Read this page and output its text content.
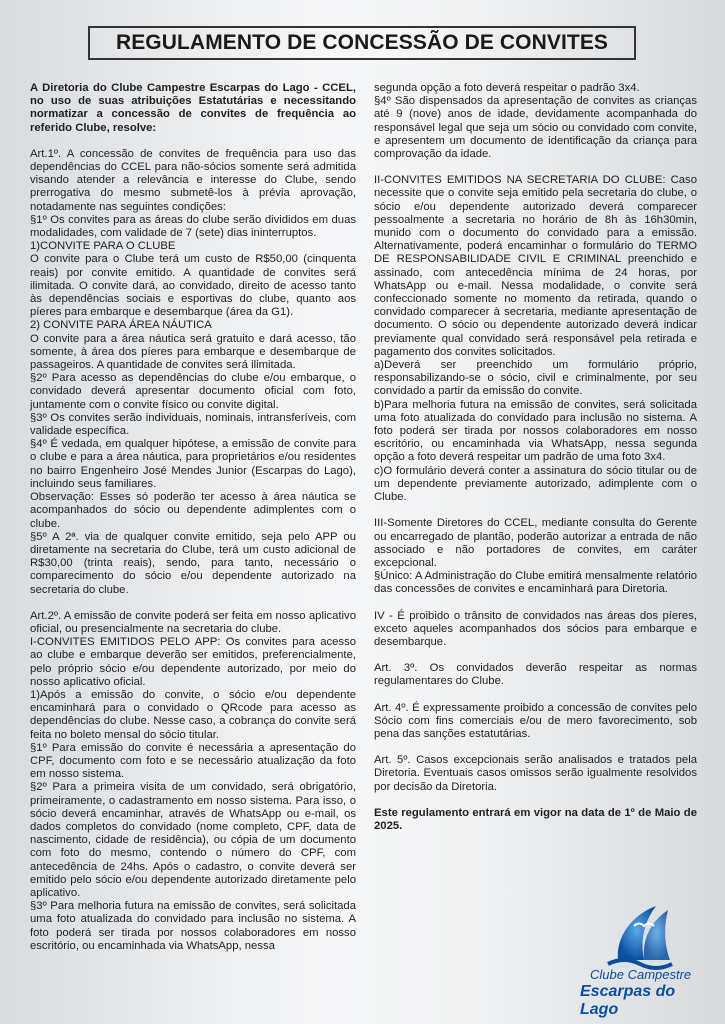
REGULAMENTO DE CONCESSÃO DE CONVITES

A Diretoria do Clube Campestre Escarpas do Lago - CCEL, no uso de suas atribuições Estatutárias e necessitando normatizar a concessão de convites de frequência ao referido Clube, resolve:

Art.1º. A concessão de convites de frequência para uso das dependências do CCEL para não-sócios somente será admitida visando atender a relevância e interesse do Clube, sendo prerrogativa do mesmo submetê-los à prévia aprovação, notadamente nas seguintes condições:

§1º Os convites para as áreas do clube serão divididos em duas modalidades, com validade de 7 (sete) dias ininterruptos.

1)CONVITE PARA O CLUBE

O convite para o Clube terá um custo de R$50,00 (cinquenta reais) por convite emitido. A quantidade de convites será ilimitada. O convite dará, ao convidado, direito de acesso tanto às dependências sociais e esportivas do clube, quanto aos píeres para embarque e desembarque (área da G1).

2) CONVITE PARA ÁREA NÁUTICA

O convite para a área náutica será gratuito e dará acesso, tão somente, à área dos píeres para embarque e desembarque de passageiros. A quantidade de convites será ilimitada.

§2º Para acesso as dependências do clube e/ou embarque, o convidado deverá apresentar documento oficial com foto, juntamente com o convite físico ou convite digital.

§3º Os convites serão individuais, nominais, intransferíveis, com validade específica.

§4º É vedada, em qualquer hipótese, a emissão de convite para o clube e para a área náutica, para proprietários e/ou residentes no bairro Engenheiro José Mendes Junior (Escarpas do Lago), incluindo seus familiares.

Observação: Esses só poderão ter acesso à área náutica se acompanhados do sócio ou dependente adimplentes com o clube.

§5º A 2ª. via de qualquer convite emitido, seja pelo APP ou diretamente na secretaria do Clube, terá um custo adicional de R$30,00 (trinta reais), sendo, para tanto, necessário o comparecimento do sócio e/ou dependente autorizado na secretaria do clube.

Art.2º. A emissão de convite poderá ser feita em nosso aplicativo oficial, ou presencialmente na secretaria do clube.

I-CONVITES EMITIDOS PELO APP: Os convites para acesso ao clube e embarque deverão ser emitidos, preferencialmente, pelo próprio sócio e/ou dependente autorizado, por meio do nosso aplicativo oficial.

1)Após a emissão do convite, o sócio e/ou dependente encaminhará para o convidado o QRcode para acesso as dependências do clube. Nesse caso, a cobrança do convite será feita no boleto mensal do sócio titular.

§1º Para emissão do convite é necessária a apresentação do CPF, documento com foto e se necessário atualização da foto em nosso sistema.

§2º Para a primeira visita de um convidado, será obrigatório, primeiramente, o cadastramento em nosso sistema. Para isso, o sócio deverá encaminhar, através de WhatsApp ou e-mail, os dados completos do convidado (nome completo, CPF, data de nascimento, cidade de residência), ou cópia de um documento com foto do mesmo, contendo o número do CPF, com antecedência de 24hs. Após o cadastro, o convite deverá ser emitido pelo sócio e/ou dependente autorizado diretamente pelo aplicativo.

§3º Para melhoria futura na emissão de convites, será solicitada uma foto atualizada do convidado para inclusão no sistema. A foto poderá ser tirada por nossos colaboradores em nosso escritório, ou encaminhada via WhatsApp, nessa

segunda opção a foto deverá respeitar o padrão 3x4.

§4º São dispensados da apresentação de convites as crianças até 9 (nove) anos de idade, devidamente acompanhada do responsável legal que seja um sócio ou convidado com convite, e apresentem um documento de identificação da criança para comprovação da idade.

II-CONVITES EMITIDOS NA SECRETARIA DO CLUBE: Caso necessite que o convite seja emitido pela secretaria do clube, o sócio e/ou dependente autorizado deverá comparecer pessoalmente a secretaria no horário de 8h às 16h30min, munido com o documento do convidado para a emissão. Alternativamente, poderá encaminhar o formulário do TERMO DE RESPONSABILIDADE CIVIL E CRIMINAL preenchido e assinado, com antecedência mínima de 24 horas, por WhatsApp ou e-mail. Nessa modalidade, o convite será confeccionado somente no momento da retirada, quando o convidado comparecer à secretaria, mediante apresentação de documento. O sócio ou dependente autorizado deverá indicar previamente qual convidado será responsável pela retirada e pagamento dos convites solicitados.

a)Deverá ser preenchido um formulário próprio, responsabilizando-se o sócio, civil e criminalmente, por seu convidado a partir da emissão do convite.

b)Para melhoria futura na emissão de convites, será solicitada uma foto atualizada do convidado para inclusão no sistema. A foto poderá ser tirada por nossos colaboradores em nosso escritório, ou encaminhada via WhatsApp, nessa segunda opção a foto deverá respeitar um padrão de uma foto 3x4.

c)O formulário deverá conter a assinatura do sócio titular ou de um dependente previamente autorizado, adimplente com o Clube.

III-Somente Diretores do CCEL, mediante consulta do Gerente ou encarregado de plantão, poderão autorizar a entrada de não associado e não portadores de convites, em caráter excepcional.

§Único: A Administração do Clube emitirá mensalmente relatório das concessões de convites e encaminhará para Diretoria.

IV - É proibido o trânsito de convidados nas áreas dos píeres, exceto aqueles acompanhados dos sócios para embarque e desembarque.

Art. 3º. Os convidados deverão respeitar as normas regulamentares do Clube.

Art. 4º. É expressamente proibido a concessão de convites pelo Sócio com fins comerciais e/ou de mero favorecimento, sob pena das sanções estatutárias.

Art. 5º. Casos excepcionais serão analisados e tratados pela Diretoria. Eventuais casos omissos serão igualmente resolvidos por decisão da Diretoria.

Este regulamento entrará em vigor na data de 1º de Maio de 2025.

Clube Campestre
Escarpas do Lago
